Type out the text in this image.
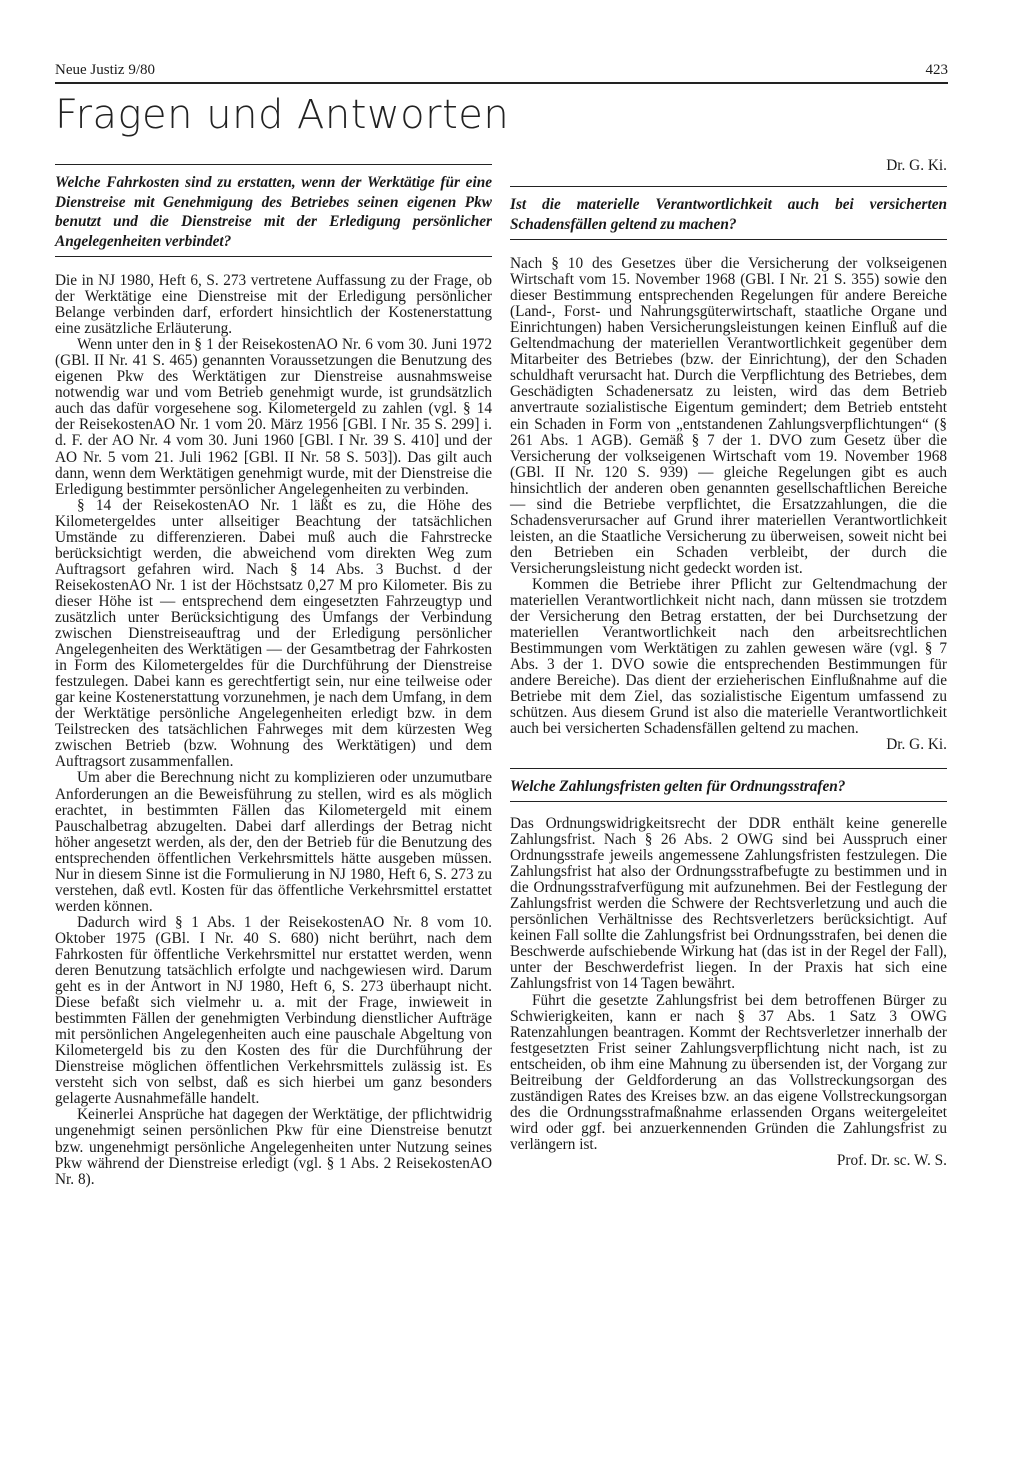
Neue Justiz 9/80	423
Fragen und Antworten

Welche Fahrkosten sind zu erstatten, wenn der Werktätige für eine Dienstreise mit Genehmigung des Betriebes seinen eigenen Pkw benutzt und die Dienstreise mit der Erledigung persönlicher Angelegenheiten verbindet?

Die in NJ 1980, Heft 6, S. 273 vertretene Auffassung zu der Frage, ob der Werktätige eine Dienstreise mit der Erledigung persönlicher Belange verbinden darf, erfordert hinsichtlich der Kostenerstattung eine zusätzliche Erläuterung.

Wenn unter den in § 1 der ReisekostenAO Nr. 6 vom 30. Juni 1972 (GBl. II Nr. 41 S. 465) genannten Voraussetzungen die Benutzung des eigenen Pkw des Werktätigen zur Dienstreise ausnahmsweise notwendig war und vom Betrieb genehmigt wurde, ist grundsätzlich auch das dafür vorgesehene sog. Kilometergeld zu zahlen (vgl. § 14 der ReisekostenAO Nr. 1 vom 20. März 1956 [GBl. I Nr. 35 S. 299] i. d. F. der AO Nr. 4 vom 30. Juni 1960 [GBl. I Nr. 39 S. 410] und der AO Nr. 5 vom 21. Juli 1962 [GBl. II Nr. 58 S. 503]). Das gilt auch dann, wenn dem Werktätigen genehmigt wurde, mit der Dienstreise die Erledigung bestimmter persönlicher Angelegenheiten zu verbinden.

§ 14 der ReisekostenAO Nr. 1 läßt es zu, die Höhe des Kilometergeldes unter allseitiger Beachtung der tatsächlichen Umstände zu differenzieren. Dabei muß auch die Fahrstrecke berücksichtigt werden, die abweichend vom direkten Weg zum Auftragsort gefahren wird. Nach § 14 Abs. 3 Buchst. d der ReisekostenAO Nr. 1 ist der Höchstsatz 0,27 M pro Kilometer. Bis zu dieser Höhe ist — entsprechend dem eingesetzten Fahrzeugtyp und zusätzlich unter Berücksichtigung des Umfangs der Verbindung zwischen Dienstreiseauftrag und der Erledigung persönlicher Angelegenheiten des Werktätigen — der Gesamtbetrag der Fahrkosten in Form des Kilometergeldes für die Durchführung der Dienstreise festzulegen. Dabei kann es gerechtfertigt sein, nur eine teilweise oder gar keine Kostenerstattung vorzunehmen, je nach dem Umfang, in dem der Werktätige persönliche Angelegenheiten erledigt bzw. in dem Teilstrecken des tatsächlichen Fahrweges mit dem kürzesten Weg zwischen Betrieb (bzw. Wohnung des Werktätigen) und dem Auftragsort zusammenfallen.

Um aber die Berechnung nicht zu komplizieren oder unzumutbare Anforderungen an die Beweisführung zu stellen, wird es als möglich erachtet, in bestimmten Fällen das Kilometergeld mit einem Pauschalbetrag abzugelten. Dabei darf allerdings der Betrag nicht höher angesetzt werden, als der, den der Betrieb für die Benutzung des entsprechenden öffentlichen Verkehrsmittels hätte ausgeben müssen. Nur in diesem Sinne ist die Formulierung in NJ 1980, Heft 6, S. 273 zu verstehen, daß evtl. Kosten für das öffentliche Verkehrsmittel erstattet werden können.

Dadurch wird § 1 Abs. 1 der ReisekostenAO Nr. 8 vom 10. Oktober 1975 (GBl. I Nr. 40 S. 680) nicht berührt, nach dem Fahrkosten für öffentliche Verkehrsmittel nur erstattet werden, wenn deren Benutzung tatsächlich erfolgte und nachgewiesen wird. Darum geht es in der Antwort in NJ 1980, Heft 6, S. 273 überhaupt nicht. Diese befaßt sich vielmehr u. a. mit der Frage, inwieweit in bestimmten Fällen der genehmigten Verbindung dienstlicher Aufträge mit persönlichen Angelegenheiten auch eine pauschale Abgeltung von Kilometergeld bis zu den Kosten des für die Durchführung der Dienstreise möglichen öffentlichen Verkehrsmittels zulässig ist. Es versteht sich von selbst, daß es sich hierbei um ganz besonders gelagerte Ausnahmefälle handelt.

Keinerlei Ansprüche hat dagegen der Werktätige, der pflichtwidrig ungenehmigt seinen persönlichen Pkw für eine Dienstreise benutzt bzw. ungenehmigt persönliche Angelegenheiten unter Nutzung seines Pkw während der Dienstreise erledigt (vgl. § 1 Abs. 2 ReisekostenAO Nr. 8).

Dr. G. Ki.

Ist die materielle Verantwortlichkeit auch bei versicherten Schadensfällen geltend zu machen?

Nach § 10 des Gesetzes über die Versicherung der volkseigenen Wirtschaft vom 15. November 1968 (GBl. I Nr. 21 S. 355) sowie den dieser Bestimmung entsprechenden Regelungen für andere Bereiche (Land-, Forst- und Nahrungsgüterwirtschaft, staatliche Organe und Einrichtungen) haben Versicherungsleistungen keinen Einfluß auf die Geltendmachung der materiellen Verantwortlichkeit gegenüber dem Mitarbeiter des Betriebes (bzw. der Einrichtung), der den Schaden schuldhaft verursacht hat. Durch die Verpflichtung des Betriebes, dem Geschädigten Schadenersatz zu leisten, wird das dem Betrieb anvertraute sozialistische Eigentum gemindert; dem Betrieb entsteht ein Schaden in Form von „entstandenen Zahlungsverpflichtungen“ (§ 261 Abs. 1 AGB). Gemäß § 7 der 1. DVO zum Gesetz über die Versicherung der volkseigenen Wirtschaft vom 19. November 1968 (GBl. II Nr. 120 S. 939) — gleiche Regelungen gibt es auch hinsichtlich der anderen oben genannten gesellschaftlichen Bereiche — sind die Betriebe verpflichtet, die Ersatzzahlungen, die die Schadensverursacher auf Grund ihrer materiellen Verantwortlichkeit leisten, an die Staatliche Versicherung zu überweisen, soweit nicht bei den Betrieben ein Schaden verbleibt, der durch die Versicherungsleistung nicht gedeckt worden ist.

Kommen die Betriebe ihrer Pflicht zur Geltendmachung der materiellen Verantwortlichkeit nicht nach, dann müssen sie trotzdem der Versicherung den Betrag erstatten, der bei Durchsetzung der materiellen Verantwortlichkeit nach den arbeitsrechtlichen Bestimmungen vom Werktätigen zu zahlen gewesen wäre (vgl. § 7 Abs. 3 der 1. DVO sowie die entsprechenden Bestimmungen für andere Bereiche). Das dient der erzieherischen Einflußnahme auf die Betriebe mit dem Ziel, das sozialistische Eigentum umfassend zu schützen. Aus diesem Grund ist also die materielle Verantwortlichkeit auch bei versicherten Schadensfällen geltend zu machen.

Dr. G. Ki.

Welche Zahlungsfristen gelten für Ordnungsstrafen?

Das Ordnungswidrigkeitsrecht der DDR enthält keine generelle Zahlungsfrist. Nach § 26 Abs. 2 OWG sind bei Ausspruch einer Ordnungsstrafe jeweils angemessene Zahlungsfristen festzulegen. Die Zahlungsfrist hat also der Ordnungsstrafbefugte zu bestimmen und in die Ordnungsstrafverfügung mit aufzunehmen. Bei der Festlegung der Zahlungsfrist werden die Schwere der Rechtsverletzung und auch die persönlichen Verhältnisse des Rechtsverletzers berücksichtigt. Auf keinen Fall sollte die Zahlungsfrist bei Ordnungsstrafen, bei denen die Beschwerde aufschiebende Wirkung hat (das ist in der Regel der Fall), unter der Beschwerdefrist liegen. In der Praxis hat sich eine Zahlungsfrist von 14 Tagen bewährt.

Führt die gesetzte Zahlungsfrist bei dem betroffenen Bürger zu Schwierigkeiten, kann er nach § 37 Abs. 1 Satz 3 OWG Ratenzahlungen beantragen. Kommt der Rechtsverletzer innerhalb der festgesetzten Frist seiner Zahlungsverpflichtung nicht nach, ist zu entscheiden, ob ihm eine Mahnung zu übersenden ist, der Vorgang zur Beitreibung der Geldforderung an das Vollstreckungsorgan des zuständigen Rates des Kreises bzw. an das eigene Vollstreckungsorgan des die Ordnungsstrafmaßnahme erlassenden Organs weitergeleitet wird oder ggf. bei anzuerkennenden Gründen die Zahlungsfrist zu verlängern ist.

Prof. Dr. sc. W. S.
